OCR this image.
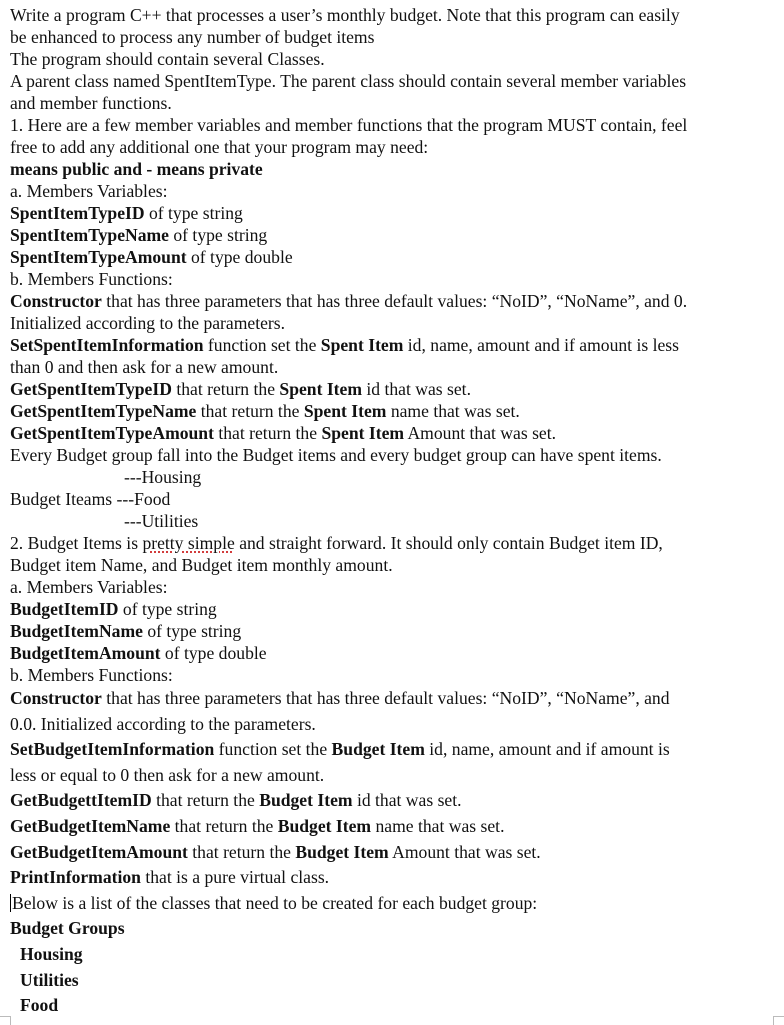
Write a program C++ that processes a user’s monthly budget. Note that this program can easily
be enhanced to process any number of budget items
The program should contain several Classes.
A parent class named SpentItemType. The parent class should contain several member variables
and member functions.
1. Here are a few member variables and member functions that the program MUST contain, feel
free to add any additional one that your program may need:
means public and - means private
a. Members Variables:
SpentItemTypeID of type string
SpentItemTypeName of type string
SpentItemTypeAmount of type double
b. Members Functions:
Constructor that has three parameters that has three default values: “NoID”, “NoName”, and 0.
Initialized according to the parameters.
SetSpentItemInformation function set the Spent Item id, name, amount and if amount is less
than 0 and then ask for a new amount.
GetSpentItemTypeID that return the Spent Item id that was set.
GetSpentItemTypeName that return the Spent Item name that was set.
GetSpentItemTypeAmount that return the Spent Item Amount that was set.
Every Budget group fall into the Budget items and every budget group can have spent items.
---Housing
Budget Iteams ---Food
---Utilities
2. Budget Items is pretty simple and straight forward. It should only contain Budget item ID,
Budget item Name, and Budget item monthly amount.
a. Members Variables:
BudgetItemID of type string
BudgetItemName of type string
BudgetItemAmount of type double
b. Members Functions:
Constructor that has three parameters that has three default values: “NoID”, “NoName”, and
0.0. Initialized according to the parameters.
SetBudgetItemInformation function set the Budget Item id, name, amount and if amount is
less or equal to 0 then ask for a new amount.
GetBudgettItemID that return the Budget Item id that was set.
GetBudgetItemName that return the Budget Item name that was set.
GetBudgetItemAmount that return the Budget Item Amount that was set.
PrintInformation that is a pure virtual class.
Below is a list of the classes that need to be created for each budget group:
Budget Groups
Housing
Utilities
Food
